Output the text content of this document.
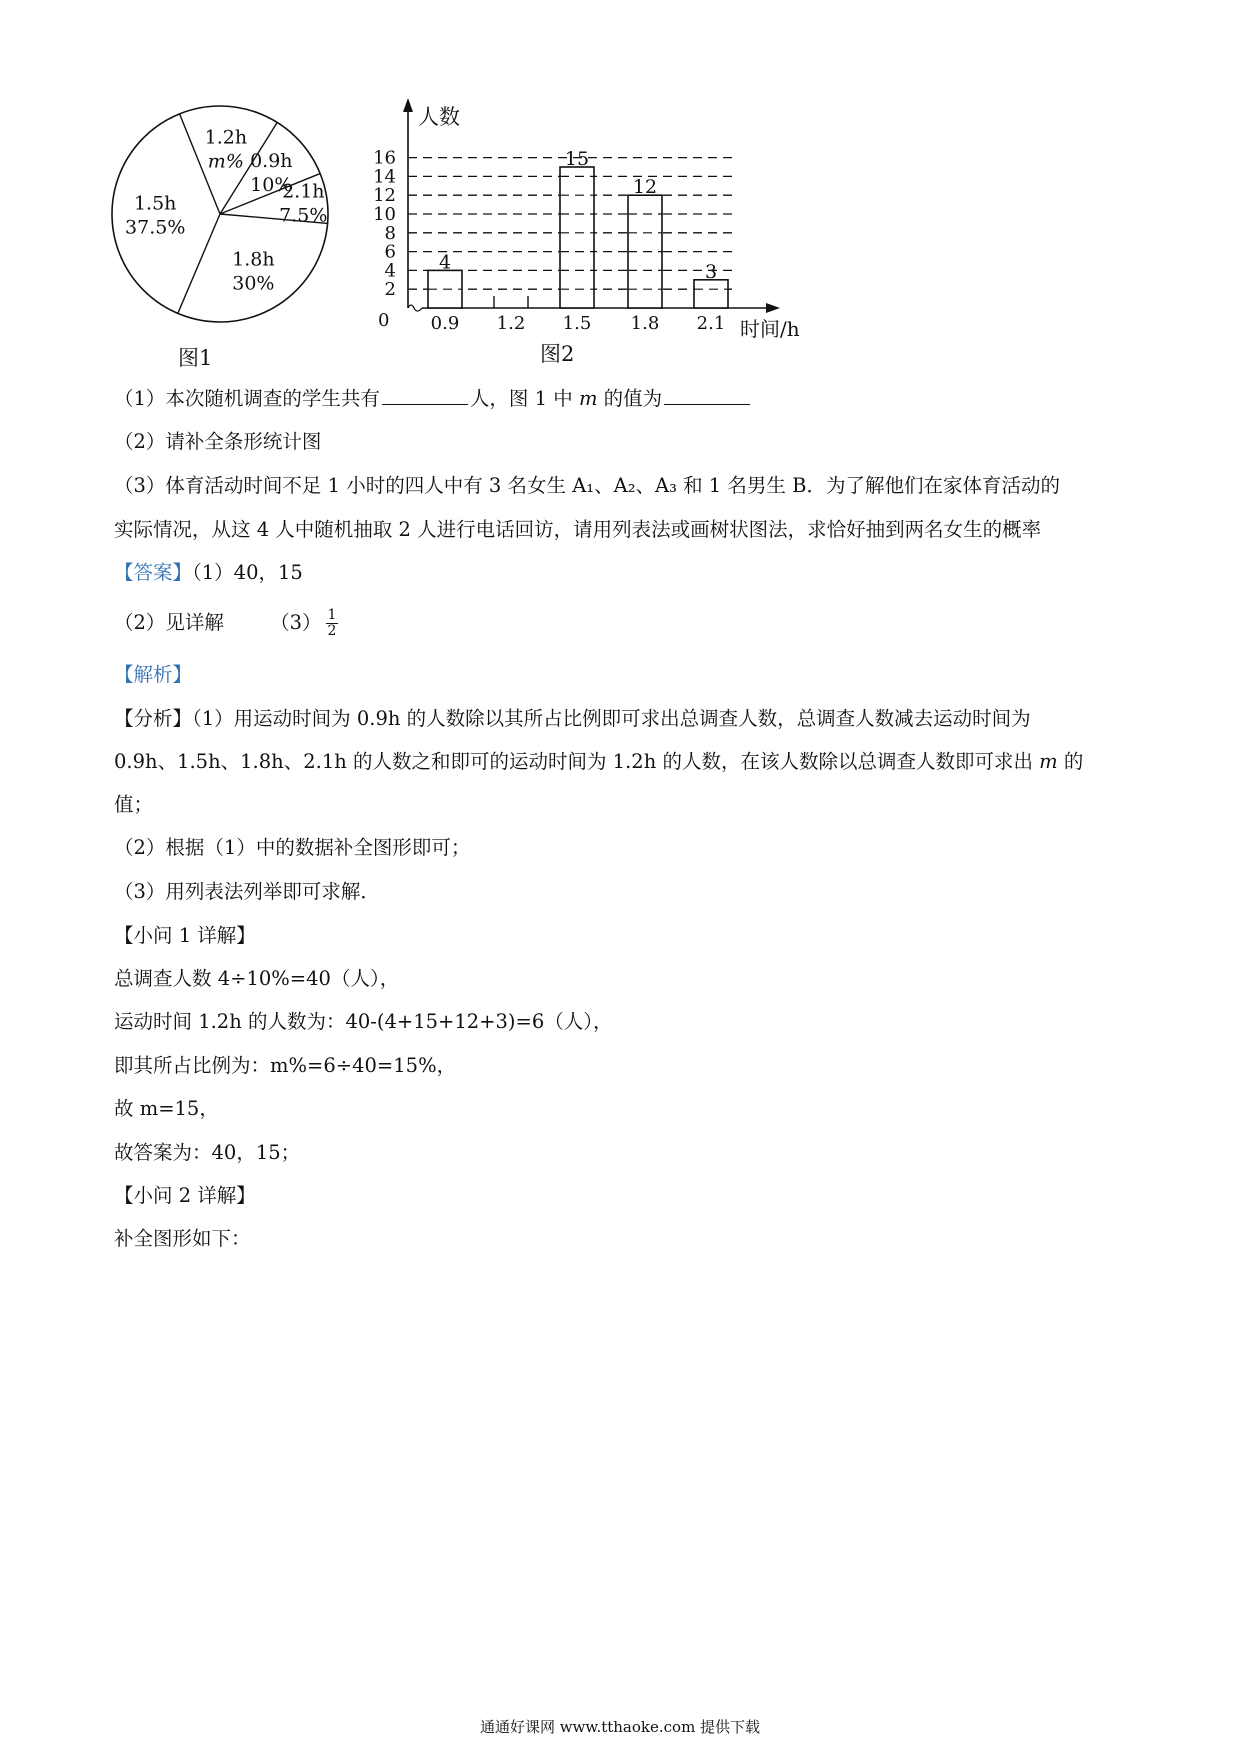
1.2h
m% 0.9h
10%
2.1h
7.5%
1.8h
30%
1.5h
37.5%
人数
0
2
4
6
8
10
12
14
16
4
0.9 1.2
15
1.5
12
1.8
3
2.1 时间/h
图1	图2
（1）本次随机调查的学生共有	人，图 1 中 m 的值为
（2）请补全条形统计图
（3）体育活动时间不足 1 小时的四人中有 3 名女生 A₁、A₂、A₃ 和 1 名男生 B．为了解他们在家体育活动的
实际情况，从这 4 人中随机抽取 2 人进行电话回访，请用列表法或画树状图法，求恰好抽到两名女生的概率
【答案】（1）40，15
（2）见详解 $(3) \frac{1}{2}$
【解析】
【分析】（1）用运动时间为 0.9h 的人数除以其所占比例即可求出总调查人数，总调查人数减去运动时间为
0.9h、1.5h、1.8h、2.1h 的人数之和即可的运动时间为 1.2h 的人数，在该人数除以总调查人数即可求出 m 的
值；
（2）根据（1）中的数据补全图形即可；
（3）用列表法列举即可求解．
【小问 1 详解】
总调查人数 4÷10%=40（人），
运动时间 1.2h 的人数为：40-(4+15+12+3)=6（人），
即其所占比例为：m%=6÷40=15%，
故 m=15，
故答案为：40，15；
【小问 2 详解】
补全图形如下：
通通好课网 www.tthaoke.com 提供下载
